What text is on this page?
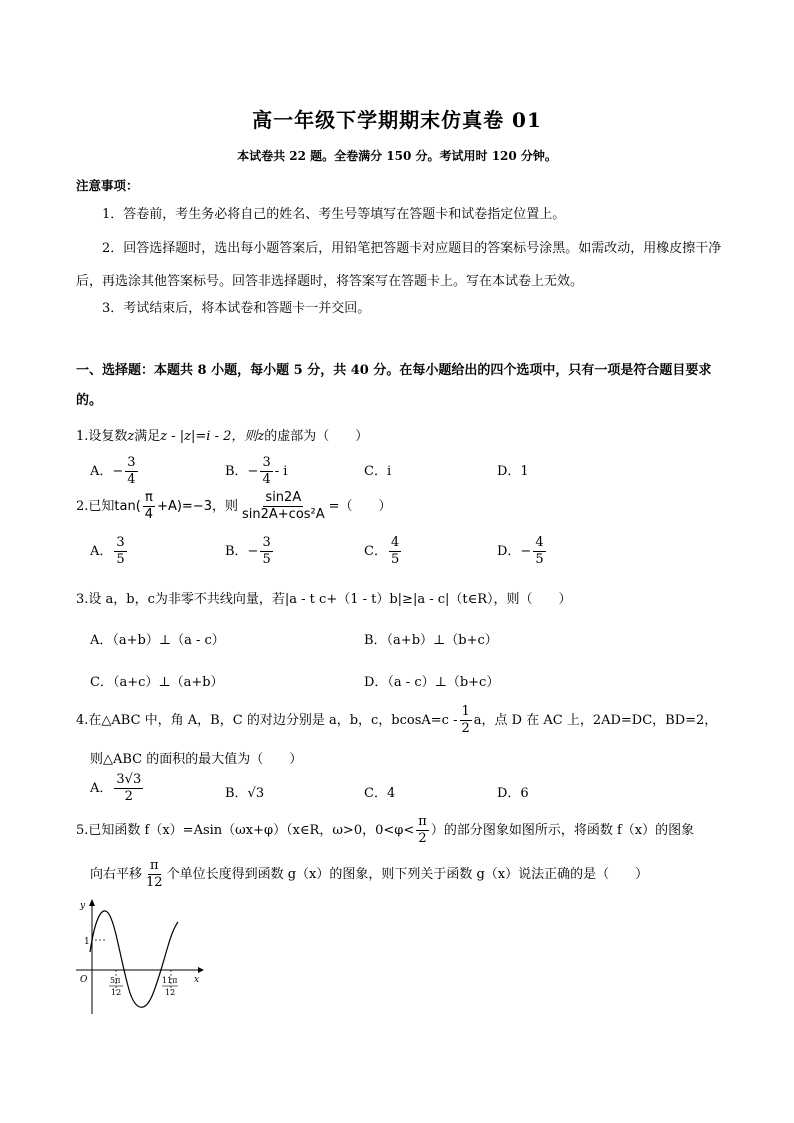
高一年级下学期期末仿真卷 01
本试卷共 22 题。全卷满分 150 分。考试用时 120 分钟。
注意事项：
1．答卷前，考生务必将自己的姓名、考生号等填写在答题卡和试卷指定位置上。
2．回答选择题时，选出每小题答案后，用铅笔把答题卡对应题目的答案标号涂黑。如需改动，用橡皮擦干净后，再选涂其他答案标号。回答非选择题时，将答案写在答题卡上。写在本试卷上无效。
3．考试结束后，将本试卷和答题卡一并交回。
一、选择题：本题共 8 小题，每小题 5 分，共 40 分。在每小题给出的四个选项中，只有一项是符合题目要求的。
1.设复数z满足z - |z|=i - 2，则z的虚部为（　　）
A．− $\frac{3}{4}$	B．− $\frac{3}{4}$ - i	C．i	D．1
2.已知$\tan( \frac{\pi}{4} +A)=-3$，则 $\frac{\sin 2A}{\text{sin2A+cos²A}}$ =（　　）
A． $\frac{3}{5}$	B．− $\frac{3}{5}$	C． $\frac{4}{5}$	D．− $\frac{4}{5}$
3.设 a，b，c为非零不共线向量，若|a - t c+（1 - t）b|≥|a - c|（t∈R），则（　　）
A．（a+b）⊥（a - c）	B．（a+b）⊥（b+c）
C．（a+c）⊥（a+b）	D．（a - c）⊥（b+c）
4.在△ABC 中，角 A，B，C 的对边分别是 a，b，c，$bcosA=c - \frac{1}{2}$ a，点 D 在 AC 上，2AD=DC，BD=2，
则△ABC 的面积的最大值为（　　）
A． $\frac{3√3}{2}$	B．√3	C．4	D．6
5.已知函数 f（x）=Asin（ωx+φ）（x∈R，ω>0，$0<\varphi< \frac{\pi}{2}$ ）的部分图象如图所示，将函数 f（x）的图象
向右平移 $\frac{\pi}{12}$ 个单位长度得到函数 g（x）的图象，则下列关于函数 g（x）说法正确的是（　　）
y
x
O
1
5π
12
11π
12
